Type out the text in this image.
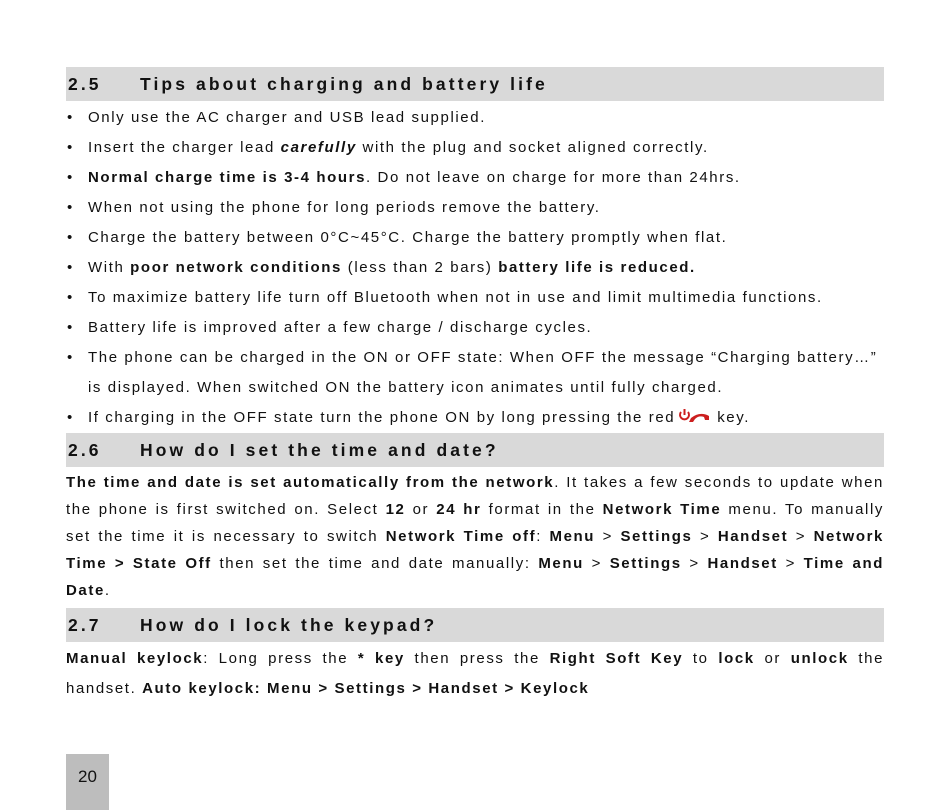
2.5	Tips about charging and battery life
• Only use the AC charger and USB lead supplied.
• Insert the charger lead carefully with the plug and socket aligned correctly.
• Normal charge time is 3-4 hours. Do not leave on charge for more than 24hrs.
• When not using the phone for long periods remove the battery.
• Charge the battery between 0°C~45°C. Charge the battery promptly when flat.
• With poor network conditions (less than 2 bars) battery life is reduced.
• To maximize battery life turn off Bluetooth when not in use and limit multimedia functions.
• Battery life is improved after a few charge / discharge cycles.
• The phone can be charged in the ON or OFF state: When OFF the message “Charging battery…”
is displayed. When switched ON the battery icon animates until fully charged.
• If charging in the OFF state turn the phone ON by long pressing the red	key.
2.6	How do I set the time and date?
The time and date is set automatically from the network. It takes a few seconds to update when the phone is first switched on. Select 12 or 24 hr format in the Network Time menu. To manually set the time it is necessary to switch Network Time off: Menu > Settings > Handset > Network Time > State Off then set the time and date manually: Menu > Settings > Handset > Time and Date.
2.7	How do I lock the keypad?
Manual keylock: Long press the * key then press the Right Soft Key to lock or unlock the handset. Auto keylock: Menu > Settings > Handset > Keylock
20
